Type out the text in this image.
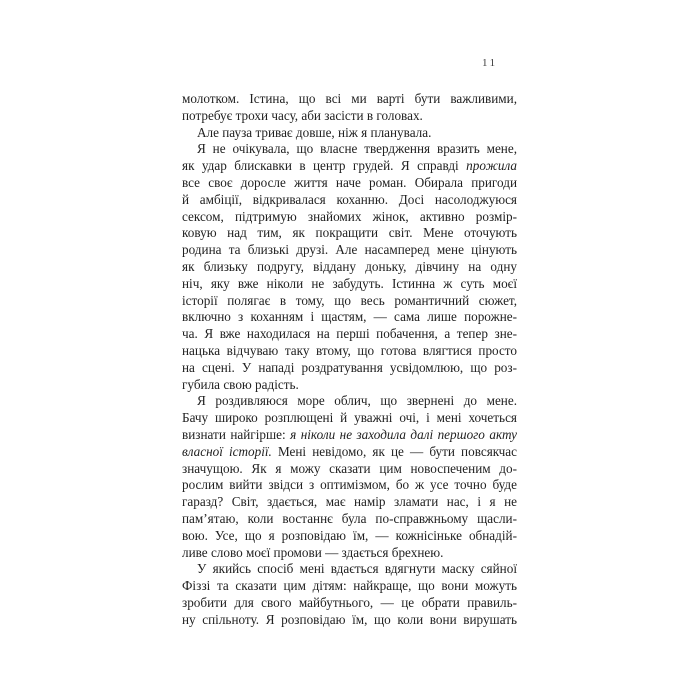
11
молотком. Істина, що всі ми варті бути важливими,
потребує трохи часу, аби засісти в головах.
Але пауза триває довше, ніж я планувала.
Я не очікувала, що власне твердження вразить мене,
як удар блискавки в центр грудей. Я справді прожила
все своє доросле життя наче роман. Обирала пригоди
й амбіції, відкривалася коханню. Досі насолоджуюся
сексом, підтримую знайомих жінок, активно розмір-
ковую над тим, як покращити світ. Мене оточують
родина та близькі друзі. Але насамперед мене цінують
як близьку подругу, віддану доньку, дівчину на одну
ніч, яку вже ніколи не забудуть. Істинна ж суть моєї
історії полягає в тому, що весь романтичний сюжет,
включно з коханням і щастям, — сама лише порожне-
ча. Я вже находилася на перші побачення, а тепер зне-
нацька відчуваю таку втому, що готова влягтися просто
на сцені. У нападі роздратування усвідомлюю, що роз-
губила свою радість.
Я роздивляюся море облич, що звернені до мене.
Бачу широко розплющені й уважні очі, і мені хочеться
визнати найгірше: я ніколи не заходила далі першого акту
власної історії. Мені невідомо, як це — бути повсякчас
значущою. Як я можу сказати цим новоспеченим до-
рослим вийти звідси з оптимізмом, бо ж усе точно буде
гаразд? Світ, здається, має намір зламати нас, і я не
пам’ятаю, коли востаннє була по-справжньому щасли-
вою. Усе, що я розповідаю їм, — кожнісіньке обнадій-
ливе слово моєї промови — здається брехнею.
У якийсь спосіб мені вдається вдягнути маску сяйної
Фіззі та сказати цим дітям: найкраще, що вони можуть
зробити для свого майбутнього, — це обрати правиль-
ну спільноту. Я розповідаю їм, що коли вони вирушать
